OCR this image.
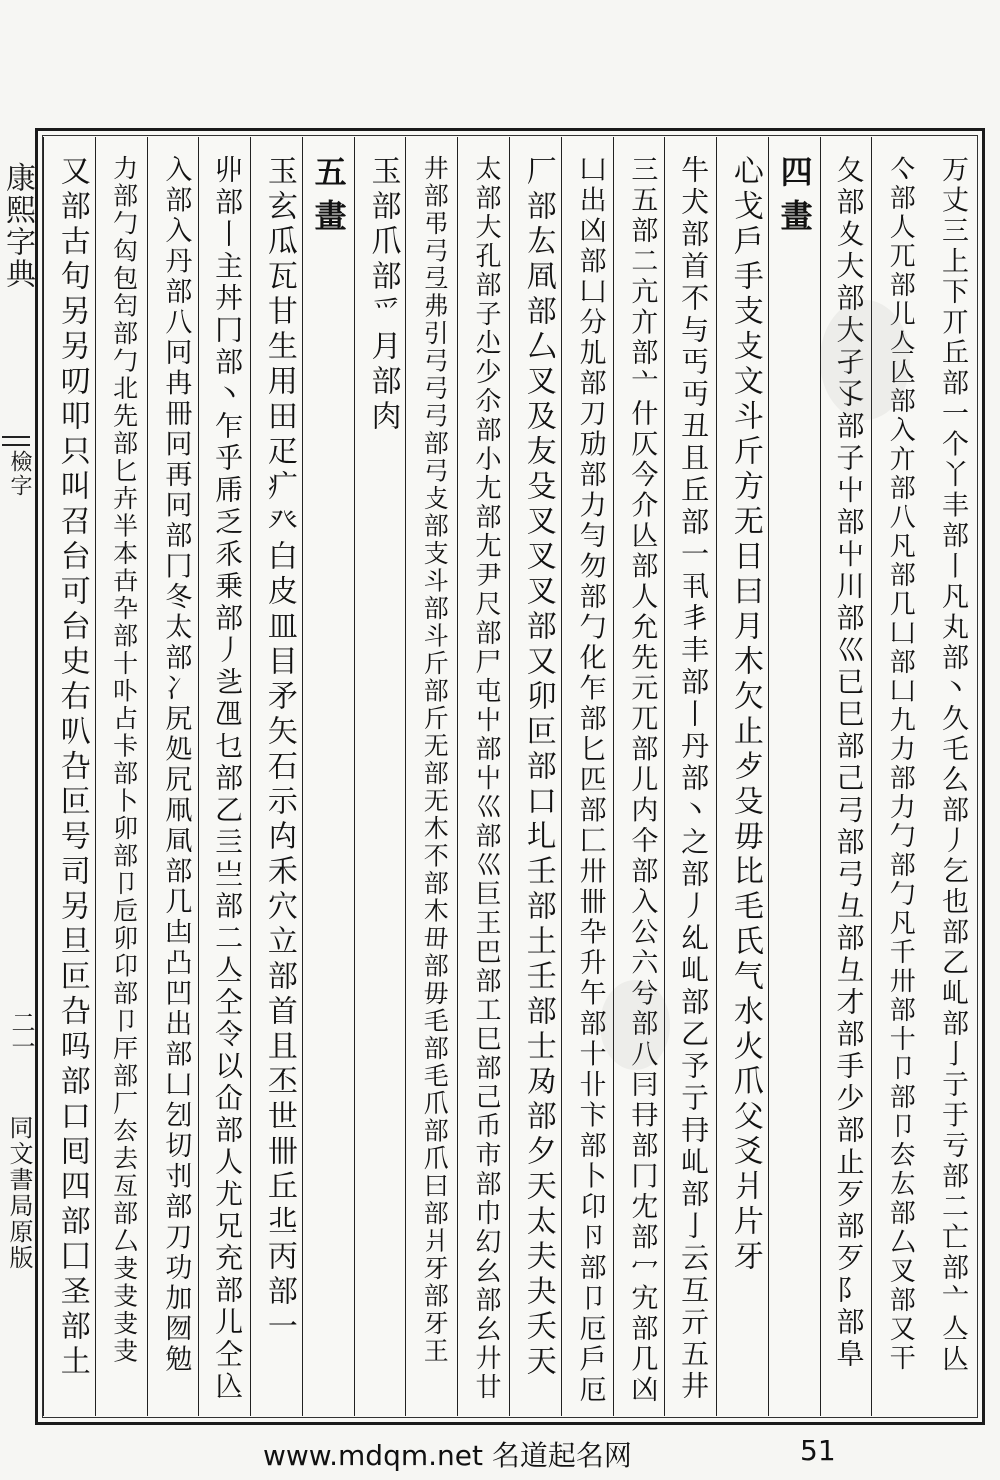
康熙字典
檢字
二一
同文書局原版	万丈三上下丌丘部一个丫丰部丨凡丸部丶久乇么部丿乞也部乙乢部亅亍于亏部二亡部亠亼亾
亽部人兀部儿亼亾部入亣部八凡部几凵部凵九力部力勹部勹凡千卅部十卩部卩厺厷部厶叉部又干
夂部夊大部大孑孓部子屮部屮川部巛已巳部己弓部弓彑部彑才部手少部止歹部歹阝部阜
四畫
心戈戶手支攴文斗斤方无日曰月木欠止歺殳毋比毛氏气水火爪父爻爿片牙
牛犬部首不与丐丏丑且丘部一丮丯丰部丨丹部丶之部丿乣乢部乙予亍冄乢部亅云互亓五井
三五部二亢亣部亠什仄今介亾部人允先元兀部儿内仐部入公六兮部八冃冄部冂冘部冖宄部几凶
凵出凶部凵分劜部刀劢部力勻勿部勹化乍部匕匹部匚卅卌卆升午部十卝卞部卜卬卪部卩厄戶厄
厂部厷凮部厶叉及友殳叉叉叉部又卯叵部口圠壬部土壬部士夃部夕天太夫夬夭天
太部大孔部子尐少尒部小尢部尢尹尺部尸屯屮部屮巛部巛巨王巴部工巳部己币市部巾幻幺部幺廾廿
井部弔弓弖弗引弓弓弓部弓攴部支斗部斗斤部斤无部无木不部木毌部毋毛部毛爪部爪曰部爿牙部牙王
玉部爪部爫月部肉
五畫
玉玄瓜瓦甘生用田疋疒癶白皮皿目矛矢石示禸禾穴立部首且丕世卌丘丠丙部一
丱部丨主丼冂部丶乍乎乕乏乑乗部丿乧乪乜部乙亖亗部二亼仝令以仚部人尤兄充部儿仝兦
入部入丹部八冋冉冊冋再冋部冂冬太部冫尻処凥凧凬部几凷凸凹出部凵刉切刌部刀功加囫勉
力部勹匃包匄部勹北先部匕卉半本卋卆部十卟占卡部卜卯部卩卮卯卬部卩厈部厂厺去亙部厶叏叏叏叏
又部古句另另叨叩只叫召台可台史右叭叴叵号司另旦叵叴吗部口囘四部囗圣部土
www.mdqm.net 名道起名网	51
